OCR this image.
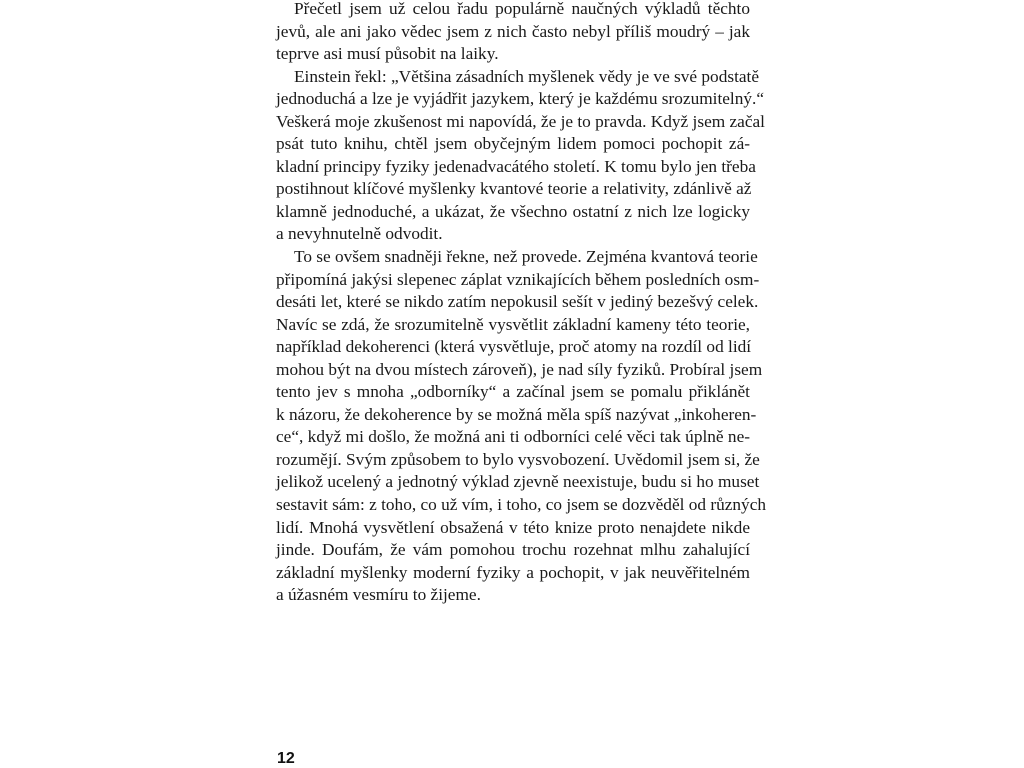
Přečetl jsem už celou řadu populárně naučných výkladů těchto
jevů, ale ani jako vědec jsem z nich často nebyl příliš moudrý – jak
teprve asi musí působit na laiky.
Einstein řekl: „Většina zásadních myšlenek vědy je ve své podstatě
jednoduchá a lze je vyjádřit jazykem, který je každému srozumitelný.“
Veškerá moje zkušenost mi napovídá, že je to pravda. Když jsem začal
psát tuto knihu, chtěl jsem obyčejným lidem pomoci pochopit zá-
kladní principy fyziky jedenadvacátého století. K tomu bylo jen třeba
postihnout klíčové myšlenky kvantové teorie a relativity, zdánlivě až
klamně jednoduché, a ukázat, že všechno ostatní z nich lze logicky
a nevyhnutelně odvodit.
To se ovšem snadněji řekne, než provede. Zejména kvantová teorie
připomíná jakýsi slepenec záplat vznikajících během posledních osm-
desáti let, které se nikdo zatím nepokusil sešít v jediný bezešvý celek.
Navíc se zdá, že srozumitelně vysvětlit základní kameny této teorie,
například dekoherenci (která vysvětluje, proč atomy na rozdíl od lidí
mohou být na dvou místech zároveň), je nad síly fyziků. Probíral jsem
tento jev s mnoha „odborníky“ a začínal jsem se pomalu přiklánět
k názoru, že dekoherence by se možná měla spíš nazývat „inkoheren-
ce“, když mi došlo, že možná ani ti odborníci celé věci tak úplně ne-
rozumějí. Svým způsobem to bylo vysvobození. Uvědomil jsem si, že
jelikož ucelený a jednotný výklad zjevně neexistuje, budu si ho muset
sestavit sám: z toho, co už vím, i toho, co jsem se dozvěděl od různých
lidí. Mnohá vysvětlení obsažená v této knize proto nenajdete nikde
jinde. Doufám, že vám pomohou trochu rozehnat mlhu zahalující
základní myšlenky moderní fyziky a pochopit, v jak neuvěřitelném
a úžasném vesmíru to žijeme.
12
